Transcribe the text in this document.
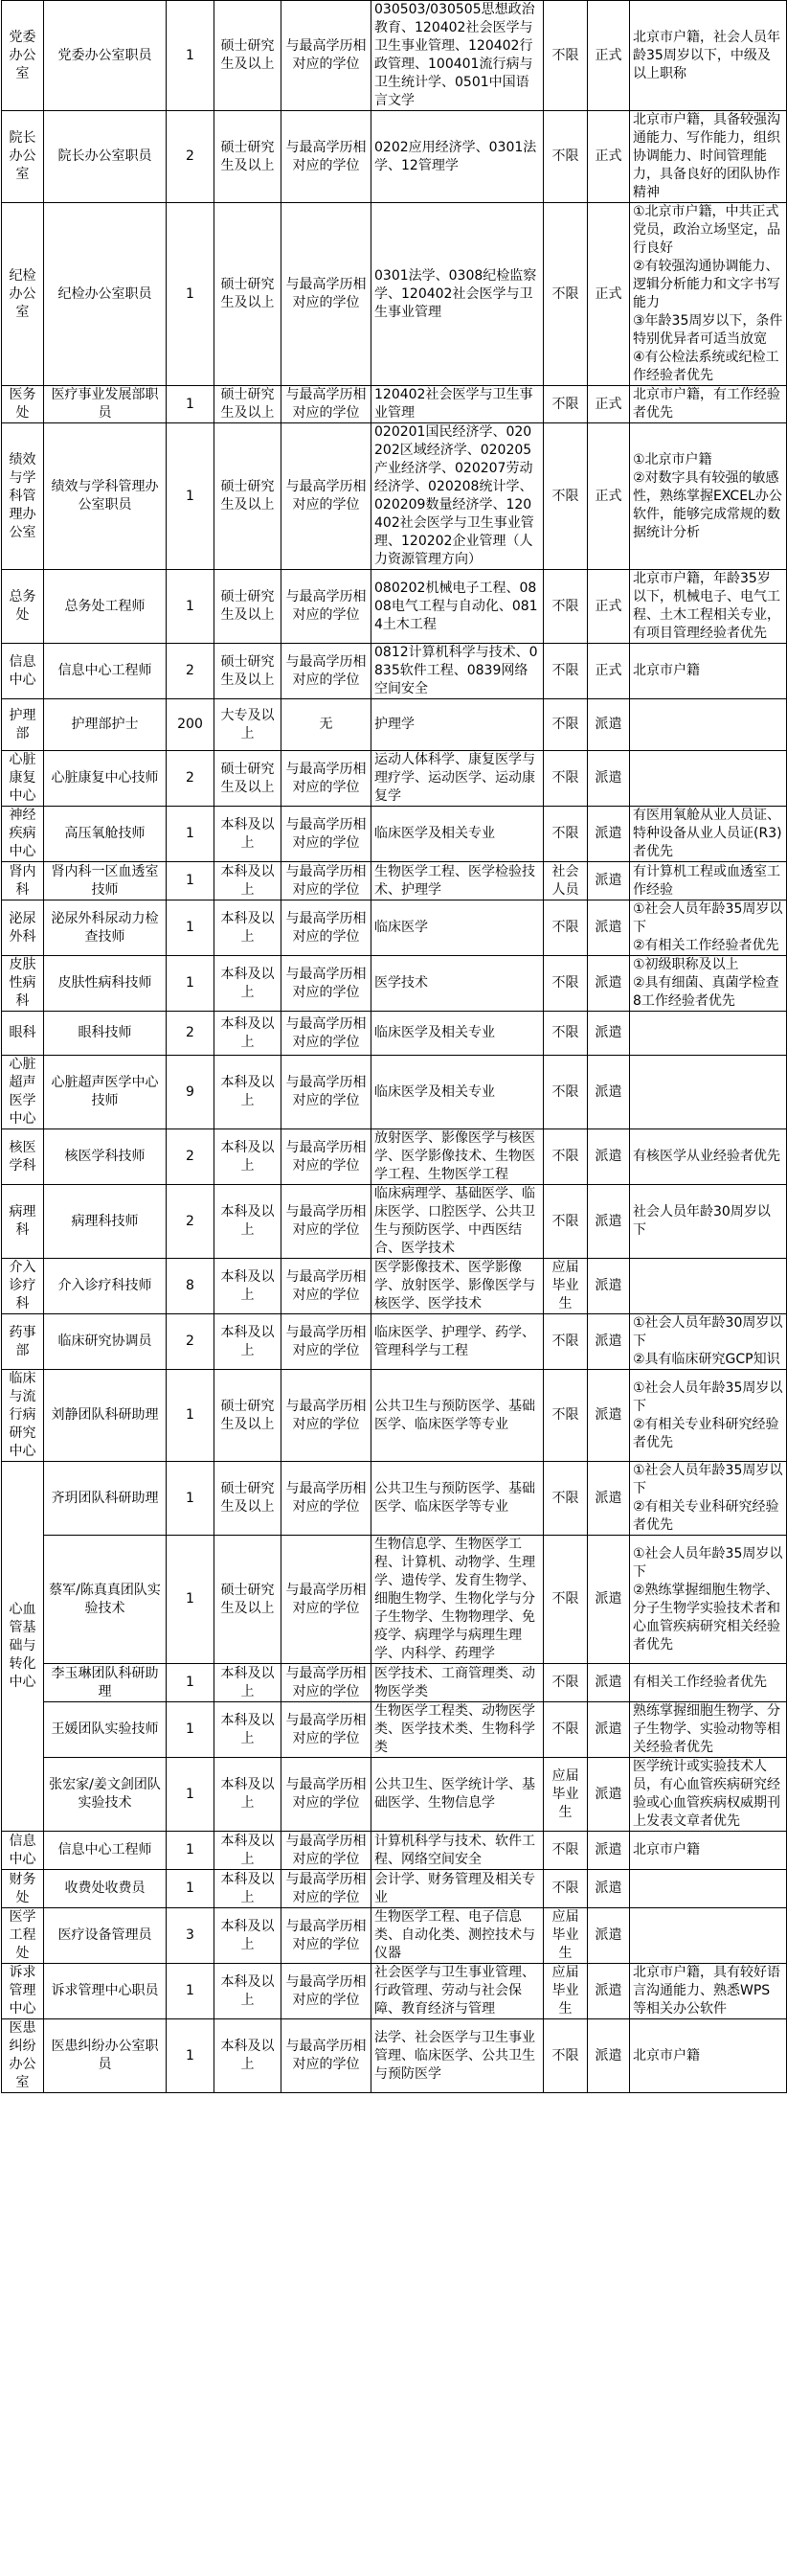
党委办公室	党委办公室职员	1	硕士研究生及以上	与最高学历相对应的学位	030503/030505思想政治教育、120402社会医学与卫生事业管理、120402行政管理、100401流行病与卫生统计学、0501中国语言文学	不限	正式	北京市户籍，社会人员年龄35周岁以下，中级及以上职称
院长办公室	院长办公室职员	2	硕士研究生及以上	与最高学历相对应的学位	0202应用经济学、0301法学、12管理学	不限	正式	北京市户籍，具备较强沟通能力、写作能力，组织协调能力、时间管理能力，具备良好的团队协作精神
纪检办公室	纪检办公室职员	1	硕士研究生及以上	与最高学历相对应的学位	0301法学、0308纪检监察学、120402社会医学与卫生事业管理	不限	正式	①北京市户籍，中共正式党员，政治立场坚定，品行良好
②有较强沟通协调能力、逻辑分析能力和文字书写能力
③年龄35周岁以下，条件特别优异者可适当放宽
④有公检法系统或纪检工作经验者优先
医务处	医疗事业发展部职员	1	硕士研究生及以上	与最高学历相对应的学位	120402社会医学与卫生事业管理	不限	正式	北京市户籍，有工作经验者优先
绩效与学科管理办公室	绩效与学科管理办公室职员	1	硕士研究生及以上	与最高学历相对应的学位	020201国民经济学、020202区域经济学、020205产业经济学、020207劳动经济学、020208统计学、020209数量经济学、120402社会医学与卫生事业管理、120202企业管理（人力资源管理方向）	不限	正式	①北京市户籍
②对数字具有较强的敏感性，熟练掌握EXCEL办公软件，能够完成常规的数据统计分析
总务处	总务处工程师	1	硕士研究生及以上	与最高学历相对应的学位	080202机械电子工程、0808电气工程与自动化、0814土木工程	不限	正式	北京市户籍，年龄35岁以下，机械电子、电气工程、土木工程相关专业，有项目管理经验者优先
信息中心	信息中心工程师	2	硕士研究生及以上	与最高学历相对应的学位	0812计算机科学与技术、0835软件工程、0839网络空间安全	不限	正式	北京市户籍
护理部	护理部护士	200	大专及以上	无	护理学	不限	派遣	
心脏康复中心	心脏康复中心技师	2	硕士研究生及以上	与最高学历相对应的学位	运动人体科学、康复医学与理疗学、运动医学、运动康复学	不限	派遣	
神经疾病中心	高压氧舱技师	1	本科及以上	与最高学历相对应的学位	临床医学及相关专业	不限	派遣	有医用氧舱从业人员证、特种设备从业人员证(R3)者优先
肾内科	肾内科一区血透室技师	1	本科及以上	与最高学历相对应的学位	生物医学工程、医学检验技术、护理学	社会人员	派遣	有计算机工程或血透室工作经验
泌尿外科	泌尿外科尿动力检查技师	1	本科及以上	与最高学历相对应的学位	临床医学	不限	派遣	①社会人员年龄35周岁以下
②有相关工作经验者优先
皮肤性病科	皮肤性病科技师	1	本科及以上	与最高学历相对应的学位	医学技术	不限	派遣	①初级职称及以上
②具有细菌、真菌学检查8工作经验者优先
眼科	眼科技师	2	本科及以上	与最高学历相对应的学位	临床医学及相关专业	不限	派遣	
心脏超声医学中心	心脏超声医学中心技师	9	本科及以上	与最高学历相对应的学位	临床医学及相关专业	不限	派遣	
核医学科	核医学科技师	2	本科及以上	与最高学历相对应的学位	放射医学、影像医学与核医学、医学影像技术、生物医学工程、生物医学工程	不限	派遣	有核医学从业经验者优先
病理科	病理科技师	2	本科及以上	与最高学历相对应的学位	临床病理学、基础医学、临床医学、口腔医学、公共卫生与预防医学、中西医结合、医学技术	不限	派遣	社会人员年龄30周岁以下
介入诊疗科	介入诊疗科技师	8	本科及以上	与最高学历相对应的学位	医学影像技术、医学影像学、放射医学、影像医学与核医学、医学技术	应届毕业生	派遣	
药事部	临床研究协调员	2	本科及以上	与最高学历相对应的学位	临床医学、护理学、药学、管理科学与工程	不限	派遣	①社会人员年龄30周岁以下
②具有临床研究GCP知识
临床与流行病研究中心	刘静团队科研助理	1	硕士研究生及以上	与最高学历相对应的学位	公共卫生与预防医学、基础医学、临床医学等专业	不限	派遣	①社会人员年龄35周岁以下
②有相关专业科研究经验者优先
心血管基础与转化中心	齐玥团队科研助理	1	硕士研究生及以上	与最高学历相对应的学位	公共卫生与预防医学、基础医学、临床医学等专业	不限	派遣	①社会人员年龄35周岁以下
②有相关专业科研究经验者优先
	蔡军/陈真真团队实验技术	1	硕士研究生及以上	与最高学历相对应的学位	生物信息学、生物医学工程、计算机、动物学、生理学、遗传学、发育生物学、细胞生物学、生物化学与分子生物学、生物物理学、免疫学、病理学与病理生理学、内科学、药理学	不限	派遣	①社会人员年龄35周岁以下
②熟练掌握细胞生物学、分子生物学实验技术者和心血管疾病研究相关经验者优先
	李玉琳团队科研助理	1	本科及以上	与最高学历相对应的学位	医学技术、工商管理类、动物医学类	不限	派遣	有相关工作经验者优先
	王媛团队实验技师	1	本科及以上	与最高学历相对应的学位	生物医学工程类、动物医学类、医学技术类、生物科学类	不限	派遣	熟练掌握细胞生物学、分子生物学、实验动物等相关经验者优先
	张宏家/姜文剑团队实验技术	1	本科及以上	与最高学历相对应的学位	公共卫生、医学统计学、基础医学、生物信息学	应届毕业生	派遣	医学统计或实验技术人员，有心血管疾病研究经验或心血管疾病权威期刊上发表文章者优先
信息中心	信息中心工程师	1	本科及以上	与最高学历相对应的学位	计算机科学与技术、软件工程、网络空间安全	不限	派遣	北京市户籍
财务处	收费处收费员	1	本科及以上	与最高学历相对应的学位	会计学、财务管理及相关专业	不限	派遣	
医学工程处	医疗设备管理员	3	本科及以上	与最高学历相对应的学位	生物医学工程、电子信息类、自动化类、测控技术与仪器	应届毕业生	派遣	
诉求管理中心	诉求管理中心职员	1	本科及以上	与最高学历相对应的学位	社会医学与卫生事业管理、行政管理、劳动与社会保障、教育经济与管理	应届毕业生	派遣	北京市户籍，具有较好语言沟通能力、熟悉WPS等相关办公软件
医患纠纷办公室	医患纠纷办公室职员	1	本科及以上	与最高学历相对应的学位	法学、社会医学与卫生事业管理、临床医学、公共卫生与预防医学	不限	派遣	北京市户籍
